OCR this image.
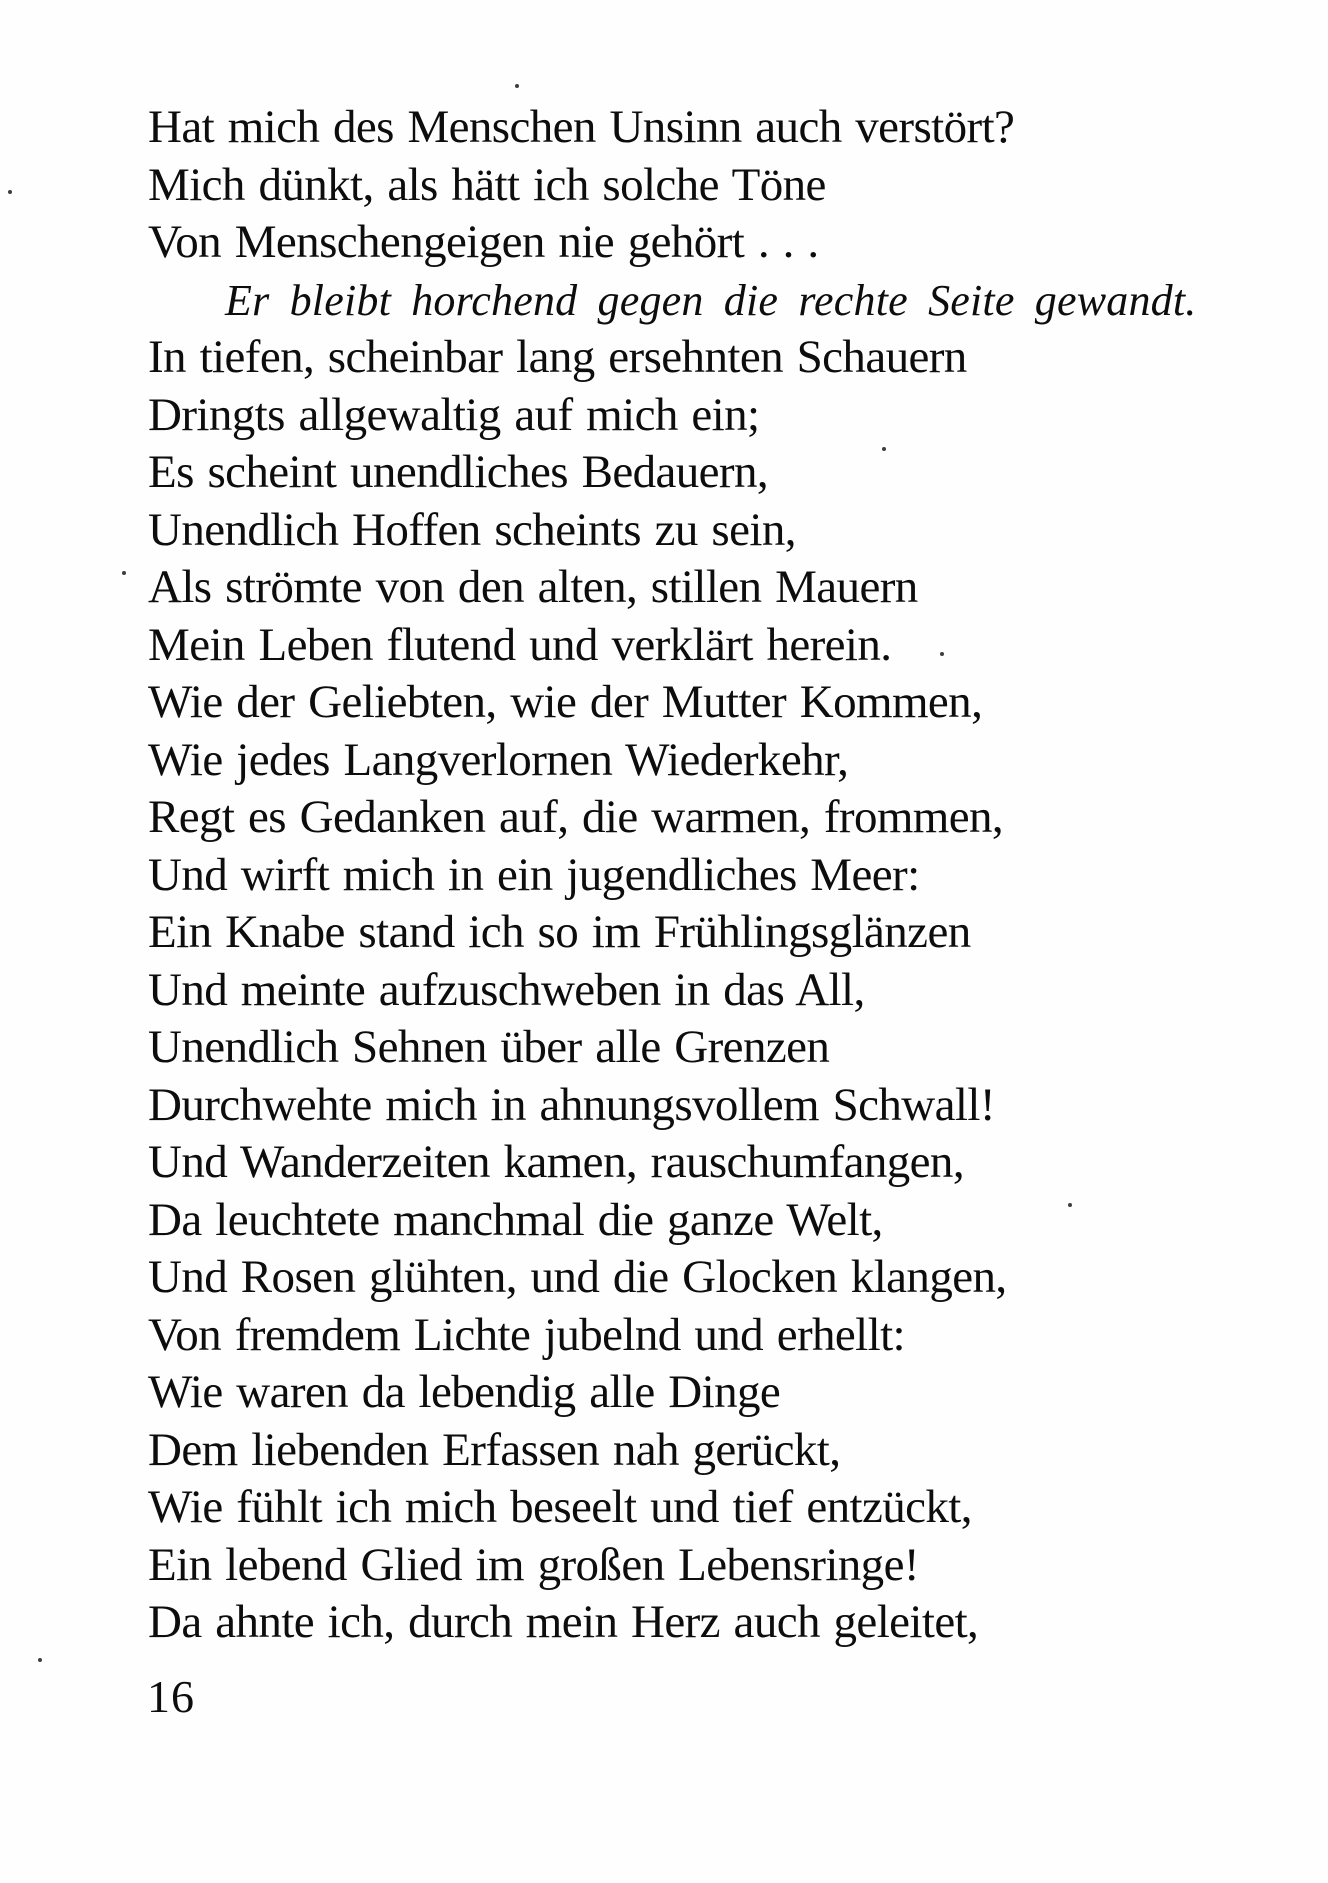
Hat mich des Menschen Unsinn auch verstört?
Mich dünkt, als hätt ich solche Töne
Von Menschengeigen nie gehört . . .
Er bleibt horchend gegen die rechte Seite gewandt.
In tiefen, scheinbar lang ersehnten Schauern
Dringts allgewaltig auf mich ein;
Es scheint unendliches Bedauern,
Unendlich Hoffen scheints zu sein,
Als strömte von den alten, stillen Mauern
Mein Leben flutend und verklärt herein.
Wie der Geliebten, wie der Mutter Kommen,
Wie jedes Langverlornen Wiederkehr,
Regt es Gedanken auf, die warmen, frommen,
Und wirft mich in ein jugendliches Meer:
Ein Knabe stand ich so im Frühlingsglänzen
Und meinte aufzuschweben in das All,
Unendlich Sehnen über alle Grenzen
Durchwehte mich in ahnungsvollem Schwall!
Und Wanderzeiten kamen, rauschumfangen,
Da leuchtete manchmal die ganze Welt,
Und Rosen glühten, und die Glocken klangen,
Von fremdem Lichte jubelnd und erhellt:
Wie waren da lebendig alle Dinge
Dem liebenden Erfassen nah gerückt,
Wie fühlt ich mich beseelt und tief entzückt,
Ein lebend Glied im großen Lebensringe!
Da ahnte ich, durch mein Herz auch geleitet,
16
